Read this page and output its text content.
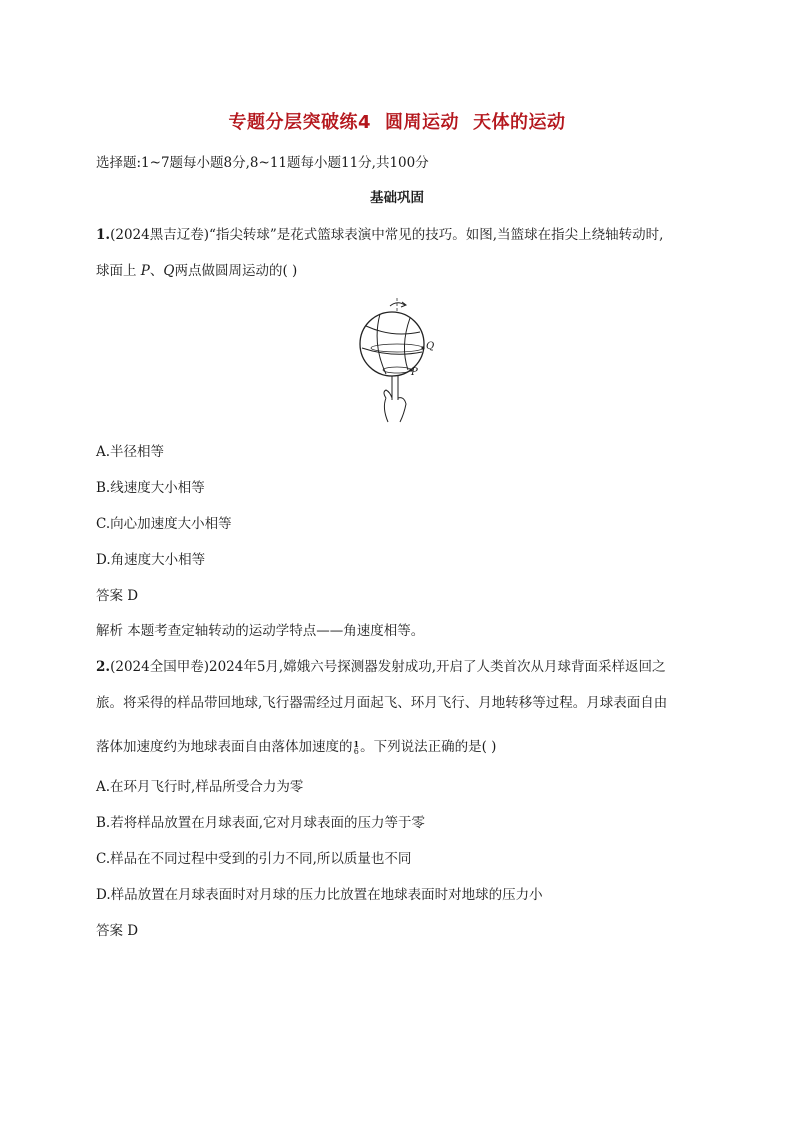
专题分层突破练4 圆周运动 天体的运动
选择题:1~7题每小题8分,8~11题每小题11分,共100分
基础巩固
1.(2024黑吉辽卷)“指尖转球”是花式篮球表演中常见的技巧。如图,当篮球在指尖上绕轴转动时,
球面上 P、Q两点做圆周运动的( )
Q
P
A.半径相等
B.线速度大小相等
C.向心加速度大小相等
D.角速度大小相等
答案 D
解析 本题考查定轴转动的运动学特点——角速度相等。
2.(2024全国甲卷)2024年5月,嫦娥六号探测器发射成功,开启了人类首次从月球背面采样返回之
旅。将采得的样品带回地球,飞行器需经过月面起飞、环月飞行、月地转移等过程。月球表面自由
落体加速度约为地球表面自由落体加速度的 1
6 。下列说法正确的是( )
A.在环月飞行时,样品所受合力为零
B.若将样品放置在月球表面,它对月球表面的压力等于零
C.样品在不同过程中受到的引力不同,所以质量也不同
D.样品放置在月球表面时对月球的压力比放置在地球表面时对地球的压力小
答案 D
